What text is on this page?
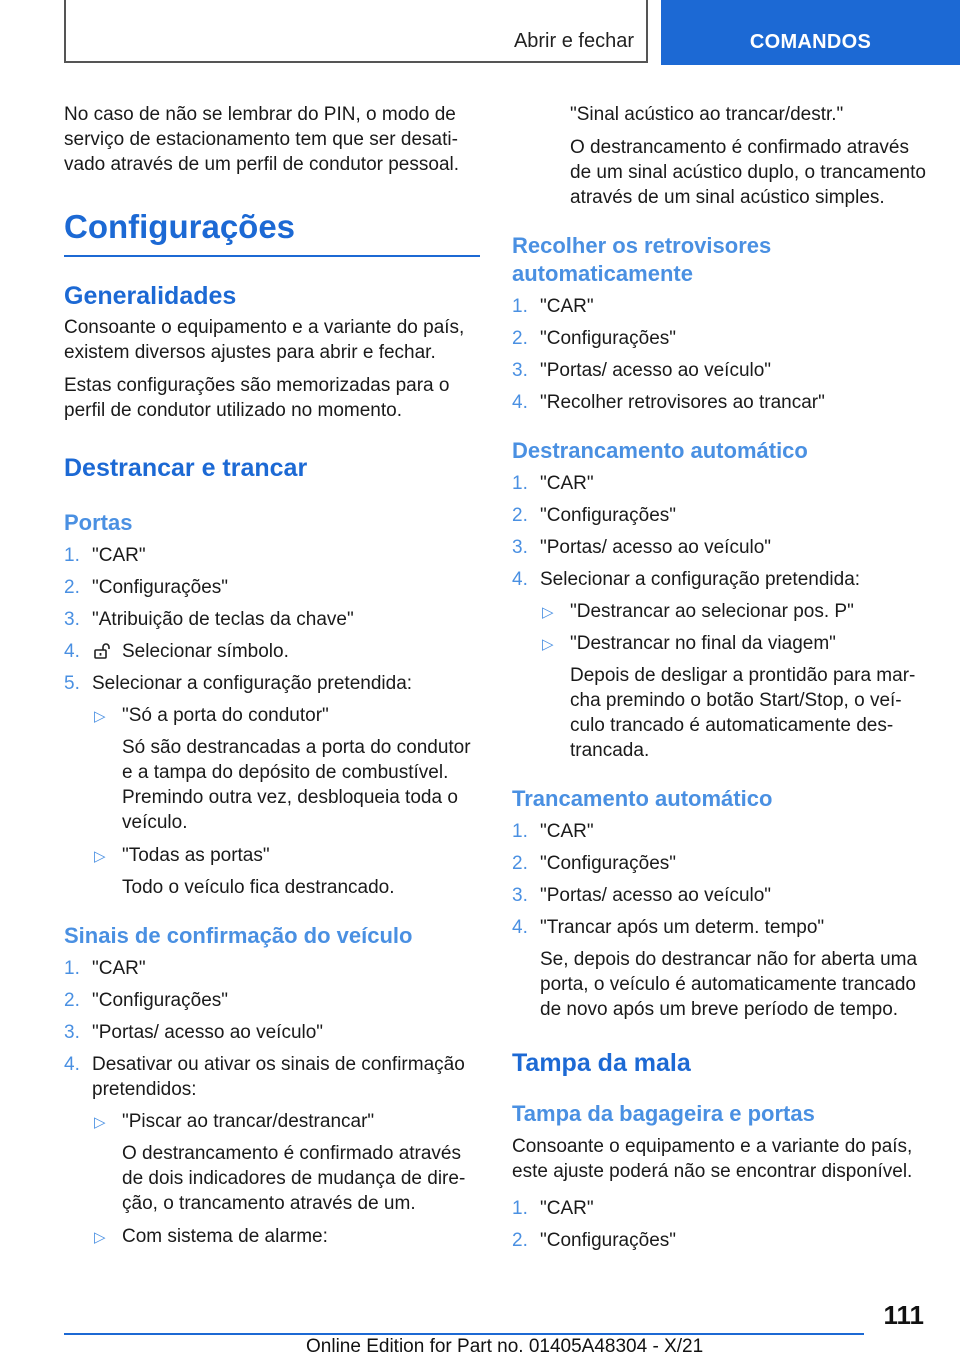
Abrir e fechar	COMANDOS

No caso de não se lembrar do PIN, o modo de serviço de estacionamento tem que ser desati-vado através de um perfil de condutor pessoal.

Configurações
Generalidades

Consoante o equipamento e a variante do país, existem diversos ajustes para abrir e fechar.

Estas configurações são memorizadas para o perfil de condutor utilizado no momento.

Destrancar e trancar
Portas
1. "CAR"
2. "Configurações"
3. "Atribuição de teclas da chave"
4. Selecionar símbolo.
5. Selecionar a configuração pretendida:
▷ "Só a porta do condutor"

Só são destrancadas a porta do condutor e a tampa do depósito de combustível. Premindo outra vez, desbloqueia toda o veículo.

▷ "Todas as portas"

Todo o veículo fica destrancado.

Sinais de confirmação do veículo
1. "CAR"
2. "Configurações"
3. "Portas/ acesso ao veículo"
4. Desativar ou ativar os sinais de confirmação pretendidos:
▷ "Piscar ao trancar/destrancar"

O destrancamento é confirmado através de dois indicadores de mudança de dire-ção, o trancamento através de um.

▷ Com sistema de alarme:

"Sinal acústico ao trancar/destr."

O destrancamento é confirmado através de um sinal acústico duplo, o trancamento através de um sinal acústico simples.

Recolher os retrovisores automaticamente
1. "CAR"
2. "Configurações"
3. "Portas/ acesso ao veículo"
4. "Recolher retrovisores ao trancar"
Destrancamento automático
1. "CAR"
2. "Configurações"
3. "Portas/ acesso ao veículo"
4. Selecionar a configuração pretendida:
▷ "Destrancar ao selecionar pos. P"
▷ "Destrancar no final da viagem"

Depois de desligar a prontidão para mar-cha premindo o botão Start/Stop, o veí-culo trancado é automaticamente des-trancada.

Trancamento automático
1. "CAR"
2. "Configurações"
3. "Portas/ acesso ao veículo"
4. "Trancar após um determ. tempo"

Se, depois do destrancar não for aberta uma porta, o veículo é automaticamente trancado de novo após um breve período de tempo.

Tampa da mala
Tampa da bagageira e portas

Consoante o equipamento e a variante do país, este ajuste poderá não se encontrar disponível.

1. "CAR"
2. "Configurações"
111
Online Edition for Part no. 01405A48304 - X/21
